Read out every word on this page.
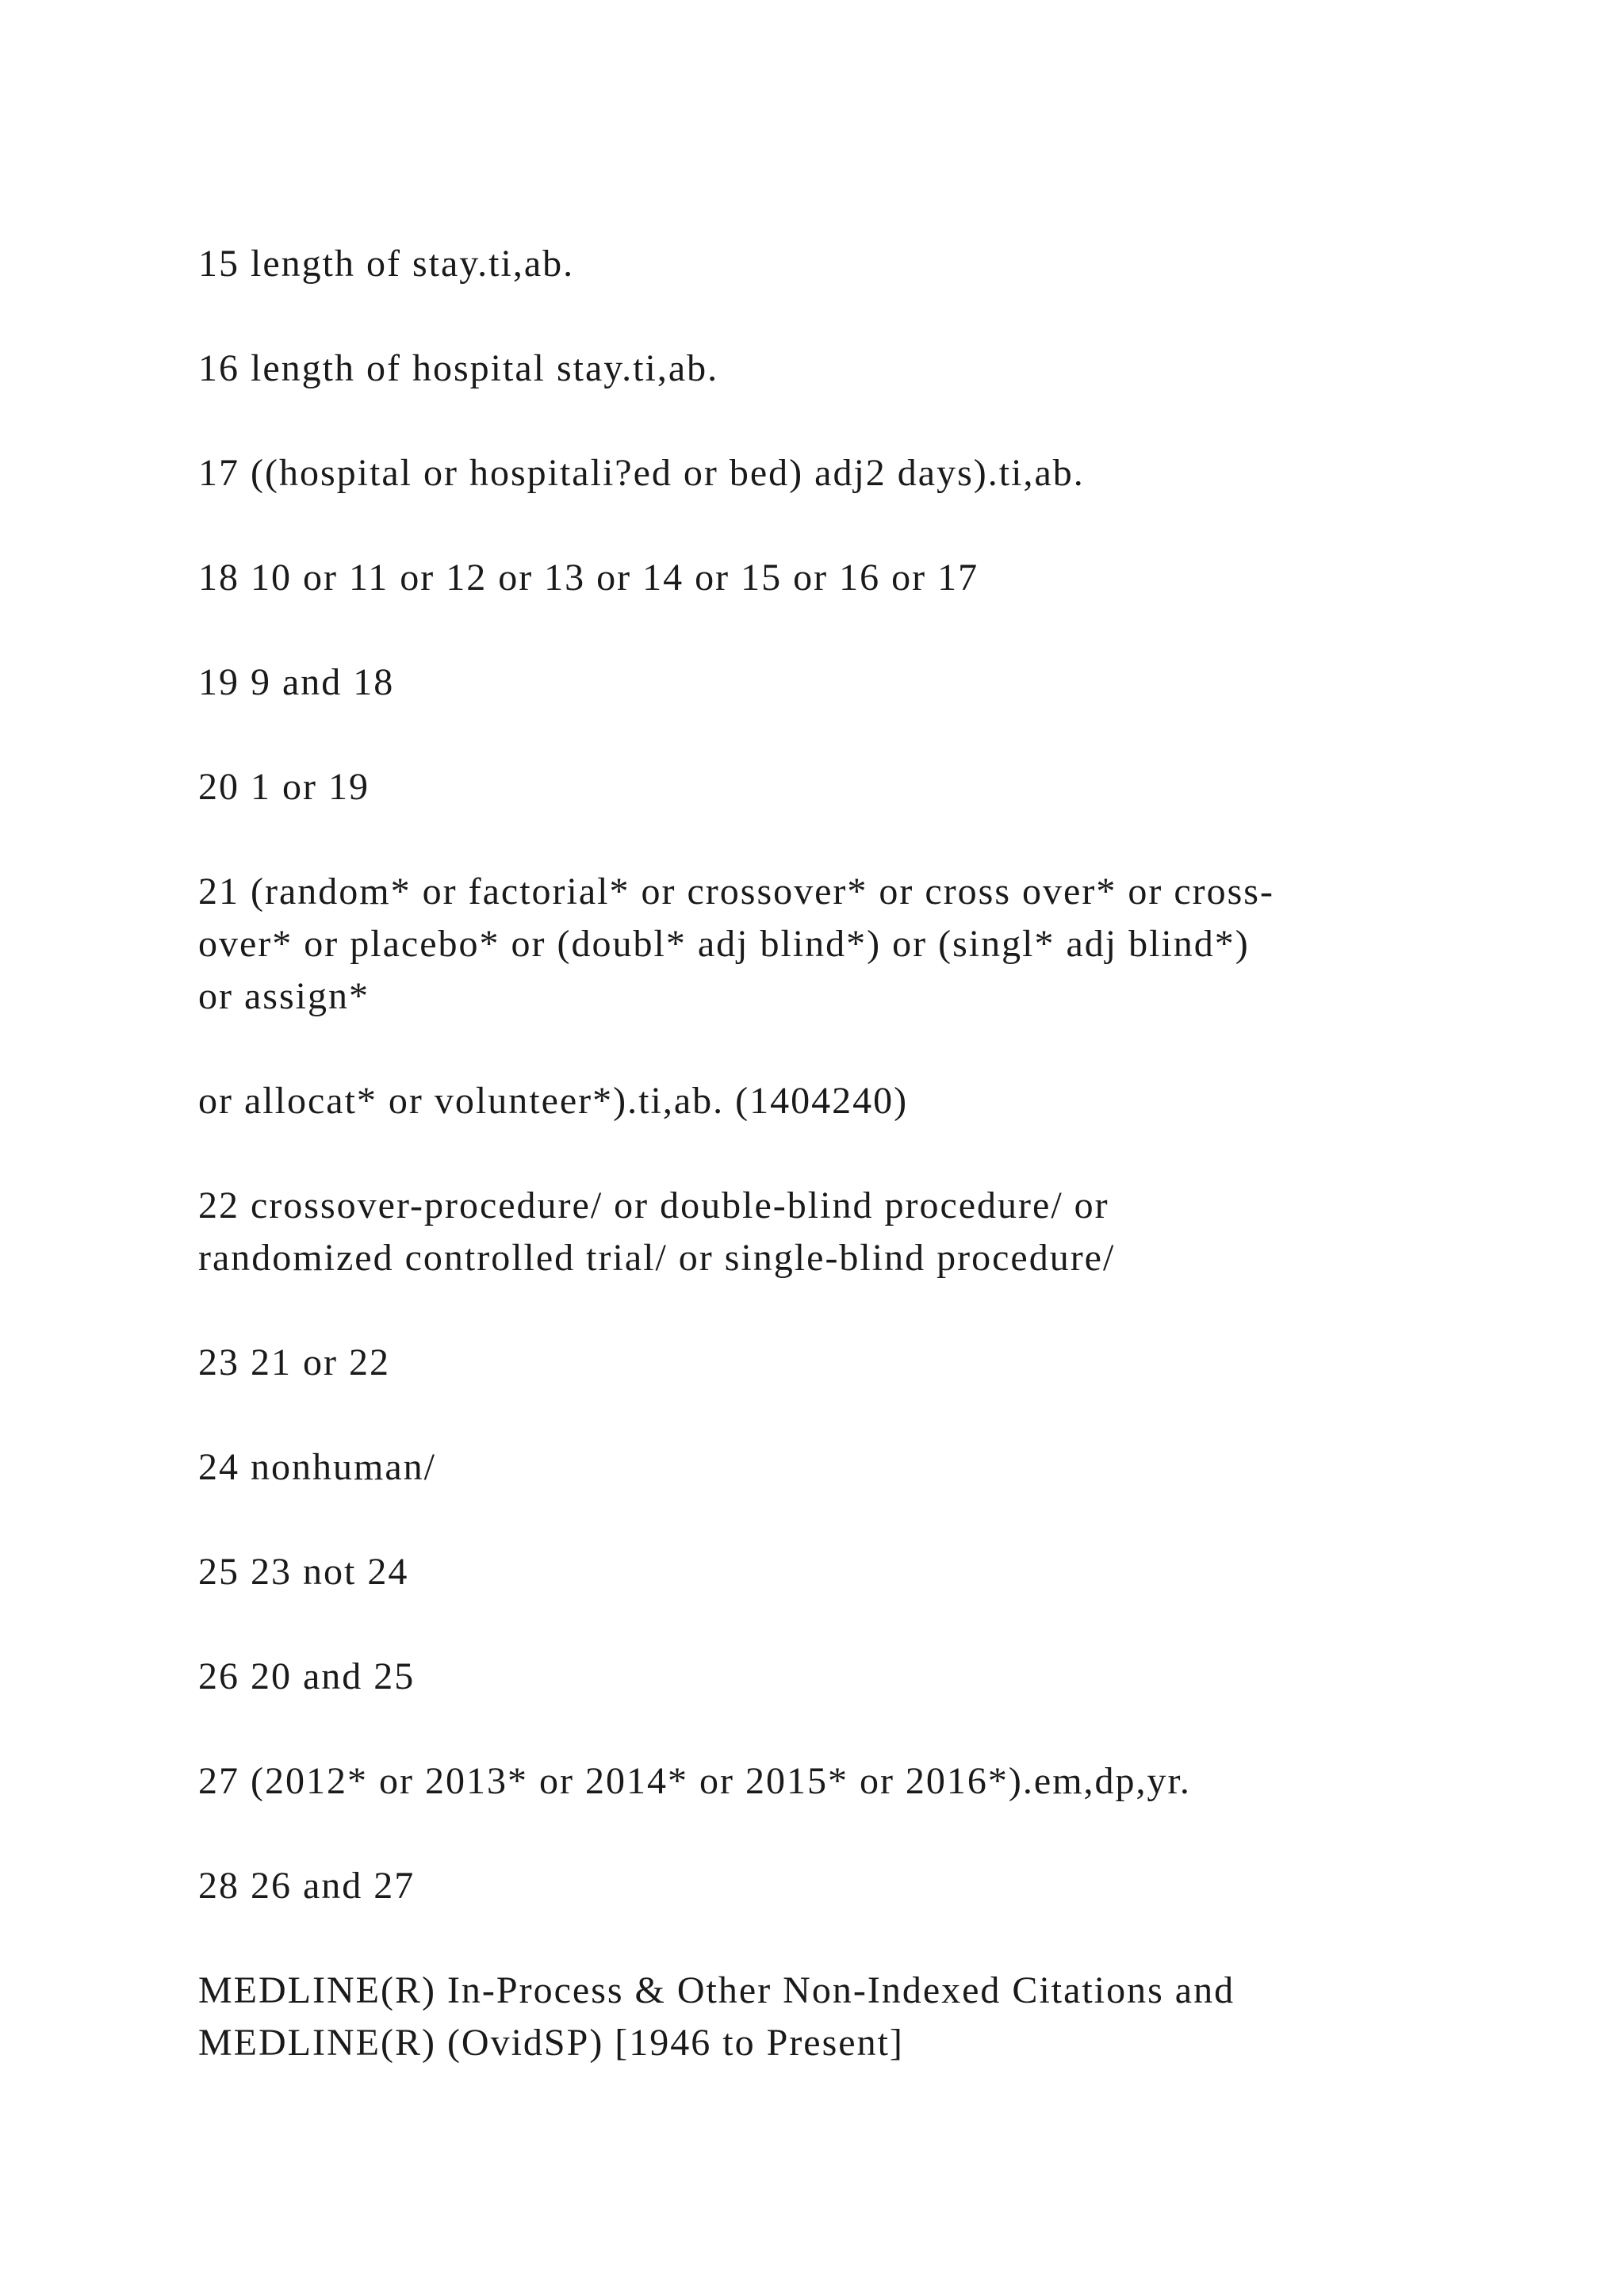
15 length of stay.ti,ab.

16 length of hospital stay.ti,ab.

17 ((hospital or hospitali?ed or bed) adj2 days).ti,ab.

18 10 or 11 or 12 or 13 or 14 or 15 or 16 or 17

19 9 and 18

20 1 or 19

21 (random* or factorial* or crossover* or cross over* or cross-
over* or placebo* or (doubl* adj blind*) or (singl* adj blind*)
or assign*

or allocat* or volunteer*).ti,ab. (1404240)

22 crossover-procedure/ or double-blind procedure/ or
randomized controlled trial/ or single-blind procedure/

23 21 or 22

24 nonhuman/

25 23 not 24

26 20 and 25

27 (2012* or 2013* or 2014* or 2015* or 2016*).em,dp,yr.

28 26 and 27

MEDLINE(R) In-Process & Other Non-Indexed Citations and
MEDLINE(R) (OvidSP) [1946 to Present]
